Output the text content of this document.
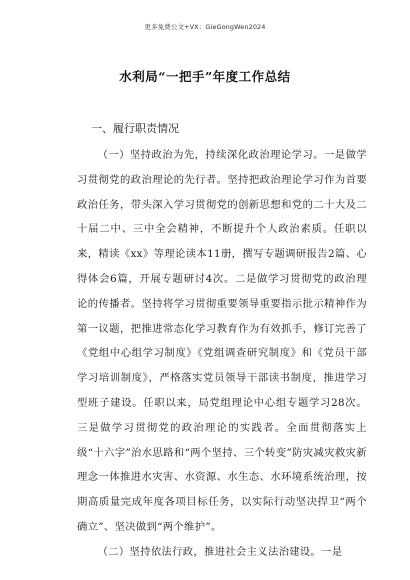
更多免费公文+VX：GieGongWen2024
水利局“一把手”年度工作总结
一、履行职责情况

（一）坚持政治为先，持续深化政治理论学习。一是做学习贯彻党的政治理论的先行者。坚持把政治理论学习作为首要政治任务，带头深入学习贯彻党的创新思想和党的二十大及二十届二中、三中全会精神，不断提升个人政治素质。任职以来，精读《xx》等理论读本11册，撰写专题调研报告2篇、心得体会6篇，开展专题研讨4次。二是做学习贯彻党的政治理论的传播者。坚持将学习贯彻重要领导重要指示批示精神作为第一议题，把推进常态化学习教育作为有效抓手，修订完善了《党组中心组学习制度》《党组调查研究制度》和《党员干部学习培训制度》，严格落实党员领导干部读书制度，推进学习型班子建设。任职以来，局党组理论中心组专题学习28次。三是做学习贯彻党的政治理论的实践者。全面贯彻落实上级“十六字”治水思路和“两个坚持、三个转变”防灾减灾救灾新理念一体推进水灾害、水资源、水生态、水环境系统治理，按期高质量完成年度各项目标任务，以实际行动坚决捍卫“两个确立”、坚决做到“两个维护”。

（二）坚持依法行政，推进社会主义法治建设。一是
